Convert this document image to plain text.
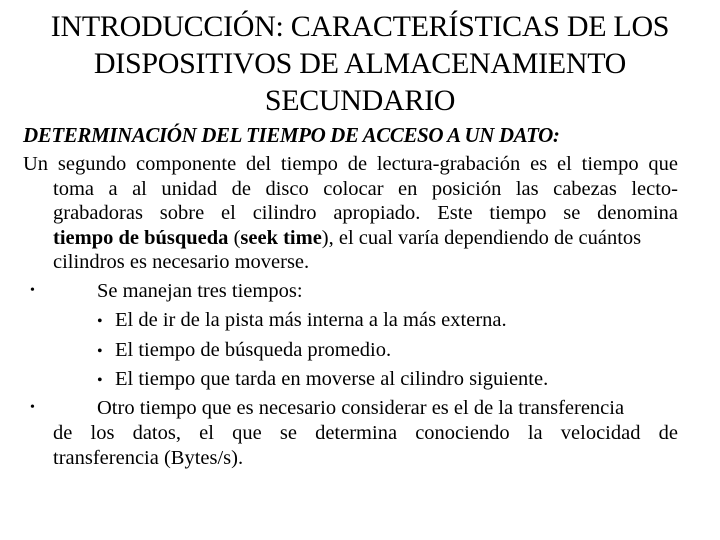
INTRODUCCIÓN: CARACTERÍSTICAS DE LOS
DISPOSITIVOS DE ALMACENAMIENTO
SECUNDARIO
DETERMINACIÓN DEL TIEMPO DE ACCESO A UN DATO:
Un segundo componente del tiempo de lectura-grabación es el tiempo que
toma a al unidad de disco colocar en posición las cabezas lecto-
grabadoras sobre el cilindro apropiado. Este tiempo se denomina
tiempo de búsqueda (seek time), el cual varía dependiendo de cuántos
cilindros es necesario moverse.
•	Se manejan tres tiempos:
• El de ir de la pista más interna a la más externa.
• El tiempo de búsqueda promedio.
• El tiempo que tarda en moverse al cilindro siguiente.
•	Otro tiempo que es necesario considerar es el de la transferencia
de los datos, el que se determina conociendo la velocidad de
transferencia (Bytes/s).
